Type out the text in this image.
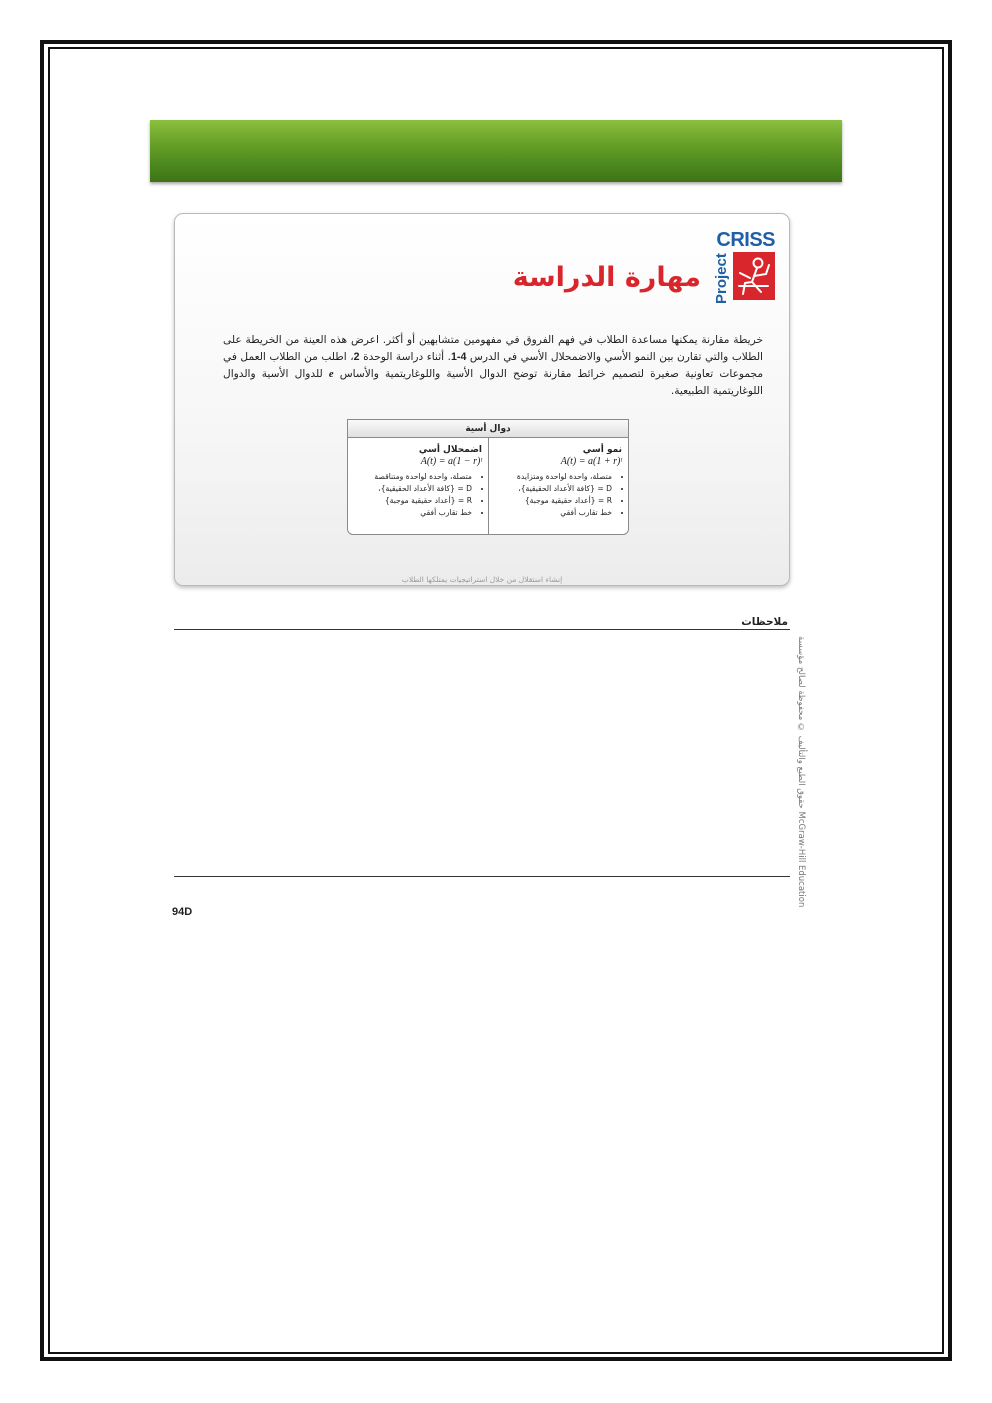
CRISS
Project
مهارة الدراسة
خريطة مقارنة يمكنها مساعدة الطلاب في فهم الفروق في مفهومين متشابهين أو أكثر. اعرض هذه العينة من الخريطة على الطلاب والتي تقارن بين النمو الأسي والاضمحلال الأسي في الدرس 4-1. أثناء دراسة الوحدة 2، اطلب من الطلاب العمل في مجموعات تعاونية صغيرة لتصميم خرائط مقارنة توضح الدوال الأسية واللوغاريتمية والأساس e للدوال الأسية والدوال اللوغاريتمية الطبيعية.
دوال أسية
نمو أسي
A(t) = a(1 + r)ᵗ
• متصلة، واحدة لواحدة ومتزايدة
• D = {كافة الأعداد الحقيقية}،
• R = {أعداد حقيقية موجبة}
• خط تقارب أفقي
اضمحلال أسي
A(t) = a(1 − r)ᵗ
• متصلة، واحدة لواحدة ومتناقصة
• D = {كافة الأعداد الحقيقية}،
• R = {أعداد حقيقية موجبة}
• خط تقارب أفقي
إنشاء استقلال من خلال استراتيجيات يمتلكها الطلاب
ملاحظات
حقوق الطبع والتأليف © محفوظة لصالح مؤسسة McGraw-Hill Education
94D
